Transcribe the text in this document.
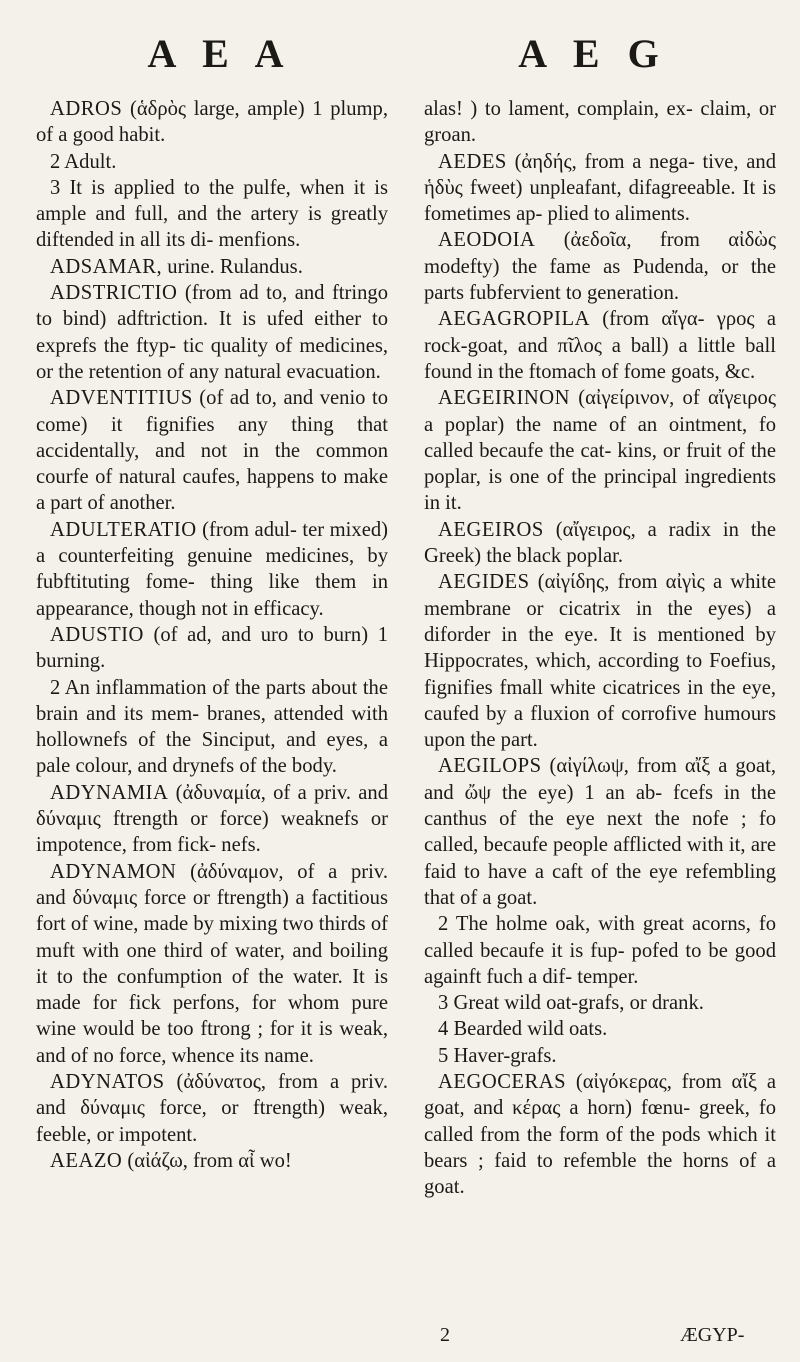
A E A	A E G

ADROS (ἁδρὸς large, ample) 1 plump, of a good habit.

2 Adult.

3 It is applied to the pulfe, when it is ample and full, and the artery is greatly diftended in all its di- menfions.

ADSAMAR, urine. Rulandus.

ADSTRICTIO (from ad to, and ftringo to bind) adftriction. It is ufed either to exprefs the ftyp- tic quality of medicines, or the retention of any natural evacuation.

ADVENTITIUS (of ad to, and venio to come) it fignifies any thing that accidentally, and not in the common courfe of natural caufes, happens to make a part of another.

ADULTERATIO (from adul- ter mixed) a counterfeiting genuine medicines, by fubftituting fome- thing like them in appearance, though not in efficacy.

ADUSTIO (of ad, and uro to burn) 1 burning.

2 An inflammation of the parts about the brain and its mem- branes, attended with hollownefs of the Sinciput, and eyes, a pale colour, and drynefs of the body.

ADYNAMIA (ἀδυναμία, of a priv. and δύναμις ftrength or force) weaknefs or impotence, from fick- nefs.

ADYNAMON (ἀδύναμον, of a priv. and δύναμις force or ftrength) a factitious fort of wine, made by mixing two thirds of muft with one third of water, and boiling it to the confumption of the water. It is made for fick perfons, for whom pure wine would be too ftrong ; for it is weak, and of no force, whence its name.

ADYNATOS (ἀδύνατος, from a priv. and δύναμις force, or ftrength) weak, feeble, or impotent.

AEAZO (αἰάζω, from αἶ wo!

alas! ) to lament, complain, ex- claim, or groan.

AEDES (ἀηδής, from a nega- tive, and ἡδὺς fweet) unpleafant, difagreeable. It is fometimes ap- plied to aliments.

AEODOIA (ἀεδοῖα, from αἰδὼς modefty) the fame as Pudenda, or the parts fubfervient to generation.

AEGAGROPILA (from αἴγα- γρος a rock-goat, and πῖλος a ball) a little ball found in the ftomach of fome goats, &c.

AEGEIRINON (αἰγείρινον, of αἴγειρος a poplar) the name of an ointment, fo called becaufe the cat- kins, or fruit of the poplar, is one of the principal ingredients in it.

AEGEIROS (αἴγειρος, a radix in the Greek) the black poplar.

AEGIDES (αἰγίδης, from αἰγὶς a white membrane or cicatrix in the eyes) a diforder in the eye. It is mentioned by Hippocrates, which, according to Foefius, fignifies fmall white cicatrices in the eye, caufed by a fluxion of corrofive humours upon the part.

AEGILOPS (αἰγίλωψ, from αἴξ a goat, and ὤψ the eye) 1 an ab- fcefs in the canthus of the eye next the nofe ; fo called, becaufe people afflicted with it, are faid to have a caft of the eye refembling that of a goat.

2 The holme oak, with great acorns, fo called becaufe it is fup- pofed to be good againft fuch a dif- temper.

3 Great wild oat-grafs, or drank.

4 Bearded wild oats.

5 Haver-grafs.

AEGOCERAS (αἰγόκερας, from αἴξ a goat, and κέρας a horn) fœnu- greek, fo called from the form of the pods which it bears ; faid to refemble the horns of a goat.

2	ÆGYP-
